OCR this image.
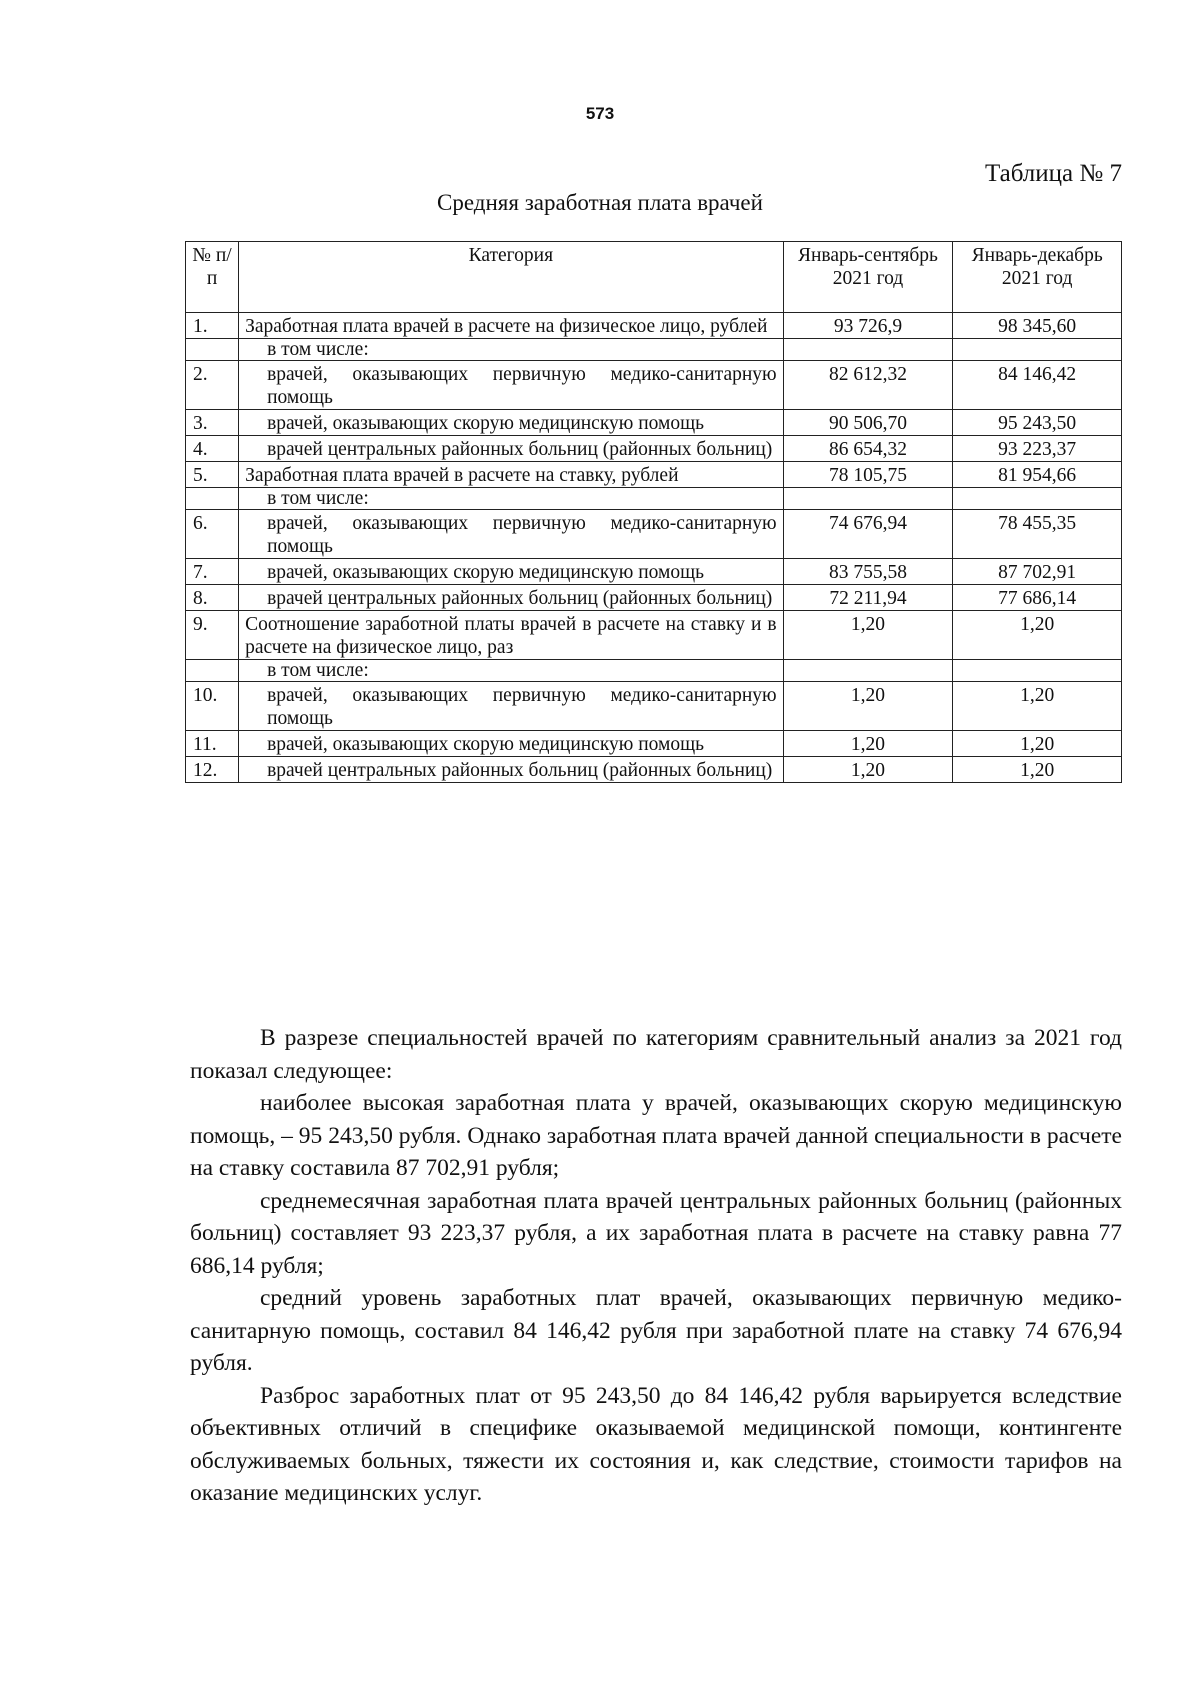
573
Таблица № 7
Средняя заработная плата врачей
№ п/п	Категория	Январь-сентябрь 2021 год	Январь-декабрь 2021 год
1.	Заработная плата врачей в расчете на физическое лицо, рублей	93 726,9	98 345,60
	в том числе:		
2.	врачей, оказывающих первичную медико-санитарную помощь	82 612,32	84 146,42
3.	врачей, оказывающих скорую медицинскую помощь	90 506,70	95 243,50
4.	врачей центральных районных больниц (районных больниц)	86 654,32	93 223,37
5.	Заработная плата врачей в расчете на ставку, рублей	78 105,75	81 954,66
	в том числе:		
6.	врачей, оказывающих первичную медико-санитарную помощь	74 676,94	78 455,35
7.	врачей, оказывающих скорую медицинскую помощь	83 755,58	87 702,91
8.	врачей центральных районных больниц (районных больниц)	72 211,94	77 686,14
9.	Соотношение заработной платы врачей в расчете на ставку и в расчете на физическое лицо, раз	1,20	1,20
	в том числе:		
10.	врачей, оказывающих первичную медико-санитарную помощь	1,20	1,20
11.	врачей, оказывающих скорую медицинскую помощь	1,20	1,20
12.	врачей центральных районных больниц (районных больниц)	1,20	1,20

В разрезе специальностей врачей по категориям сравнительный анализ за 2021 год показал следующее:

наиболее высокая заработная плата у врачей, оказывающих скорую медицинскую помощь, – 95 243,50 рубля. Однако заработная плата врачей данной специальности в расчете на ставку составила 87 702,91 рубля;

среднемесячная заработная плата врачей центральных районных больниц (районных больниц) составляет 93 223,37 рубля, а их заработная плата в расчете на ставку равна 77 686,14 рубля;

средний уровень заработных плат врачей, оказывающих первичную медико-санитарную помощь, составил 84 146,42 рубля при заработной плате на ставку 74 676,94 рубля.

Разброс заработных плат от 95 243,50 до 84 146,42 рубля варьируется вследствие объективных отличий в специфике оказываемой медицинской помощи, контингенте обслуживаемых больных, тяжести их состояния и, как следствие, стоимости тарифов на оказание медицинских услуг.
